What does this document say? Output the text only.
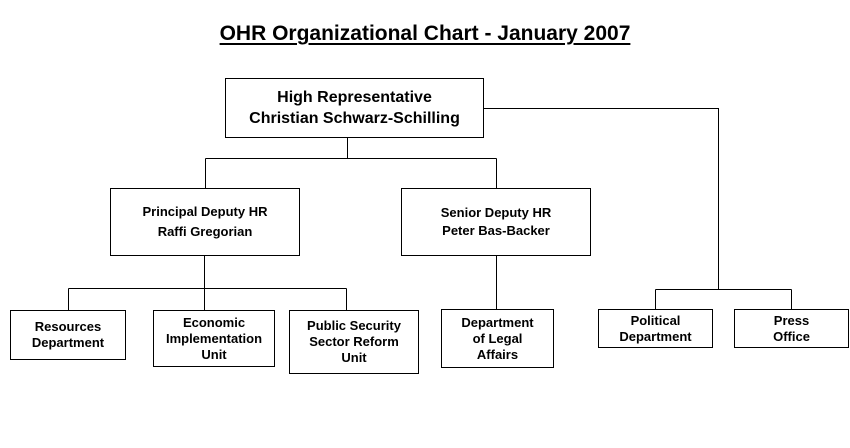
OHR Organizational Chart - January 2007
High Representative
Christian Schwarz-Schilling
Principal Deputy HR
Raffi Gregorian
Senior Deputy HR
Peter Bas-Backer
Resources
Department
Economic
Implementation
Unit
Public Security
Sector Reform
Unit
Department
of Legal
Affairs
Political
Department
Press
Office
